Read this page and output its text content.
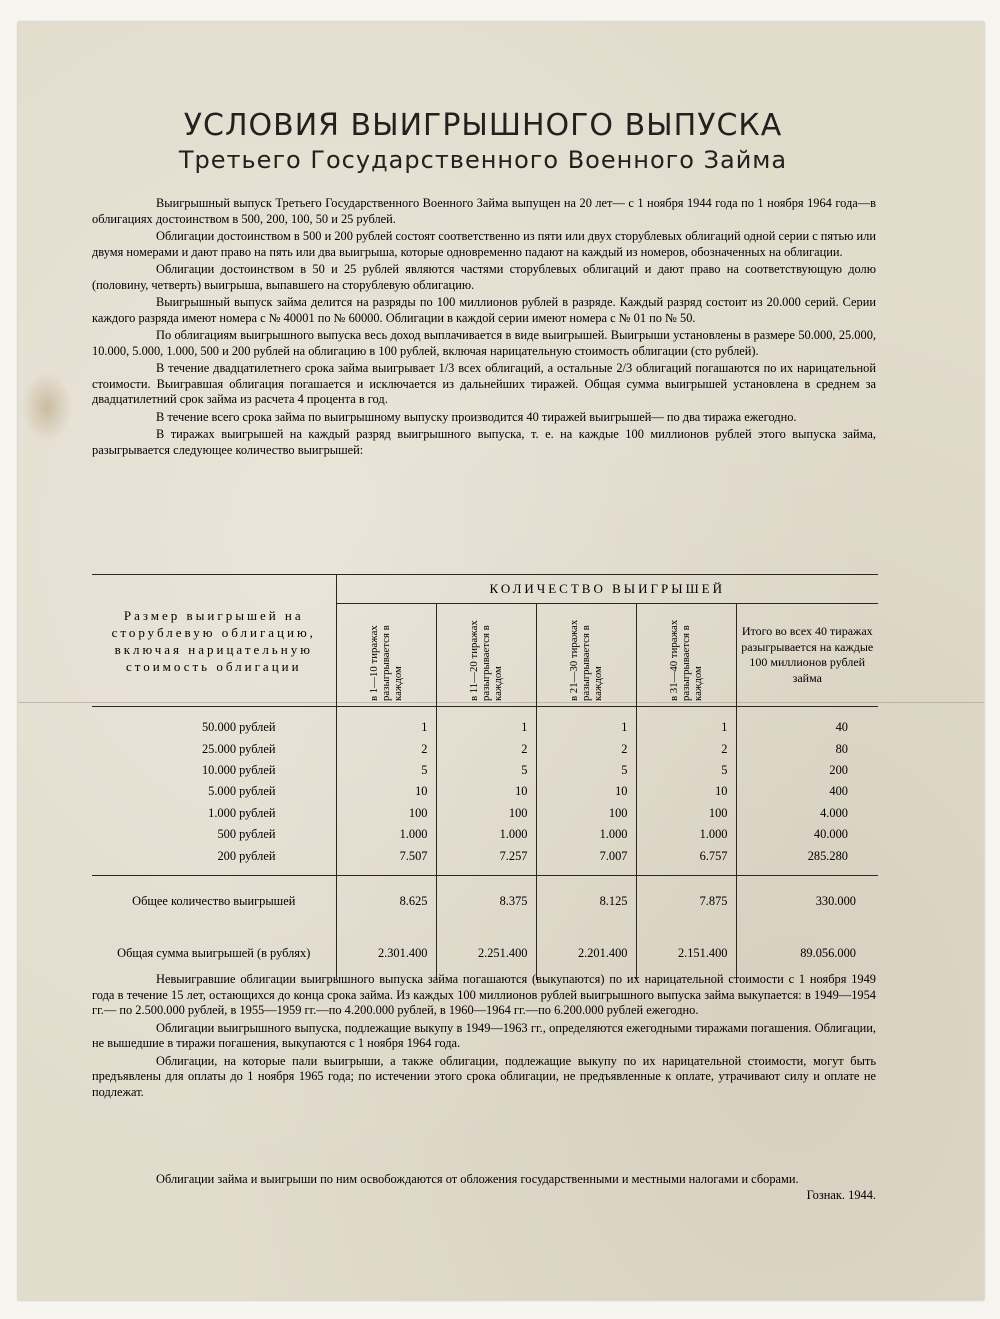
УСЛОВИЯ ВЫИГРЫШНОГО ВЫПУСКА
Третьего Государственного Военного Займа

Выигрышный выпуск Третьего Государственного Военного Займа выпущен на 20 лет— с 1 ноября 1944 года по 1 ноября 1964 года—в облигациях достоинством в 500, 200, 100, 50 и 25 рублей.

Облигации достоинством в 500 и 200 рублей состоят соответственно из пяти или двух сторублевых облигаций одной серии с пятью или двумя номерами и дают право на пять или два выигрыша, которые одновременно падают на каждый из номеров, обозначенных на облигации.

Облигации достоинством в 50 и 25 рублей являются частями сторублевых облигаций и дают право на соответствующую долю (половину, четверть) выигрыша, выпавшего на сторублевую облигацию.

Выигрышный выпуск займа делится на разряды по 100 миллионов рублей в разряде. Каждый разряд состоит из 20.000 серий. Серии каждого разряда имеют номера с № 40001 по № 60000. Облигации в каждой серии имеют номера с № 01 по № 50.

По облигациям выигрышного выпуска весь доход выплачивается в виде выигрышей. Выигрыши установлены в размере 50.000, 25.000, 10.000, 5.000, 1.000, 500 и 200 рублей на облигацию в 100 рублей, включая нарицательную стоимость облигации (сто рублей).

В течение двадцатилетнего срока займа выигрывает 1/3 всех облигаций, а остальные 2/3 облигаций погашаются по их нарицательной стоимости. Выигравшая облигация погашается и исключается из дальнейших тиражей. Общая сумма выигрышей установлена в среднем за двадцатилетний срок займа из расчета 4 процента в год.

В течение всего срока займа по выигрышному выпуску производится 40 тиражей выигрышей— по два тиража ежегодно.

В тиражах выигрышей на каждый разряд выигрышного выпуска, т. е. на каждые 100 миллионов рублей этого выпуска займа, разыгрывается следующее количество выигрышей:

Размер выигрышей на сторублевую облигацию, включая нарицательную стоимость облигации	КОЛИЧЕСТВО ВЫИГРЫШЕЙ				
	в 1—10 тиражах разыгрывается в каждом	в 11—20 тиражах разыгрывается в каждом	в 21—30 тиражах разыгрывается в каждом	в 31—40 тиражах разыгрывается в каждом	Итого во всех 40 тиражах разыгрывается на каждые 100 миллионов рублей займа
50.000 рублей	1	1	1	1	40
25.000 рублей	2	2	2	2	80
10.000 рублей	5	5	5	5	200
5.000 рублей	10	10	10	10	400
1.000 рублей	100	100	100	100	4.000
500 рублей	1.000	1.000	1.000	1.000	40.000
200 рублей	7.507	7.257	7.007	6.757	285.280
Общее количество выигрышей	8.625	8.375	8.125	7.875	330.000
Общая сумма выигрышей (в рублях)	2.301.400	2.251.400	2.201.400	2.151.400	89.056.000

Невыигравшие облигации выигрышного выпуска займа погашаются (выкупаются) по их нарицательной стоимости с 1 ноября 1949 года в течение 15 лет, остающихся до конца срока займа. Из каждых 100 миллионов рублей выигрышного выпуска займа выкупается: в 1949—1954 гг.— по 2.500.000 рублей, в 1955—1959 гг.—по 4.200.000 рублей, в 1960—1964 гг.—по 6.200.000 рублей ежегодно.

Облигации выигрышного выпуска, подлежащие выкупу в 1949—1963 гг., определяются ежегодными тиражами погашения. Облигации, не вышедшие в тиражи погашения, выкупаются с 1 ноября 1964 года.

Облигации, на которые пали выигрыши, а также облигации, подлежащие выкупу по их нарицательной стоимости, могут быть предъявлены для оплаты до 1 ноября 1965 года; по истечении этого срока облигации, не предъявленные к оплате, утрачивают силу и оплате не подлежат.

Облигации займа и выигрыши по ним освобождаются от обложения государственными и местными налогами и сборами.
Гознак. 1944.
